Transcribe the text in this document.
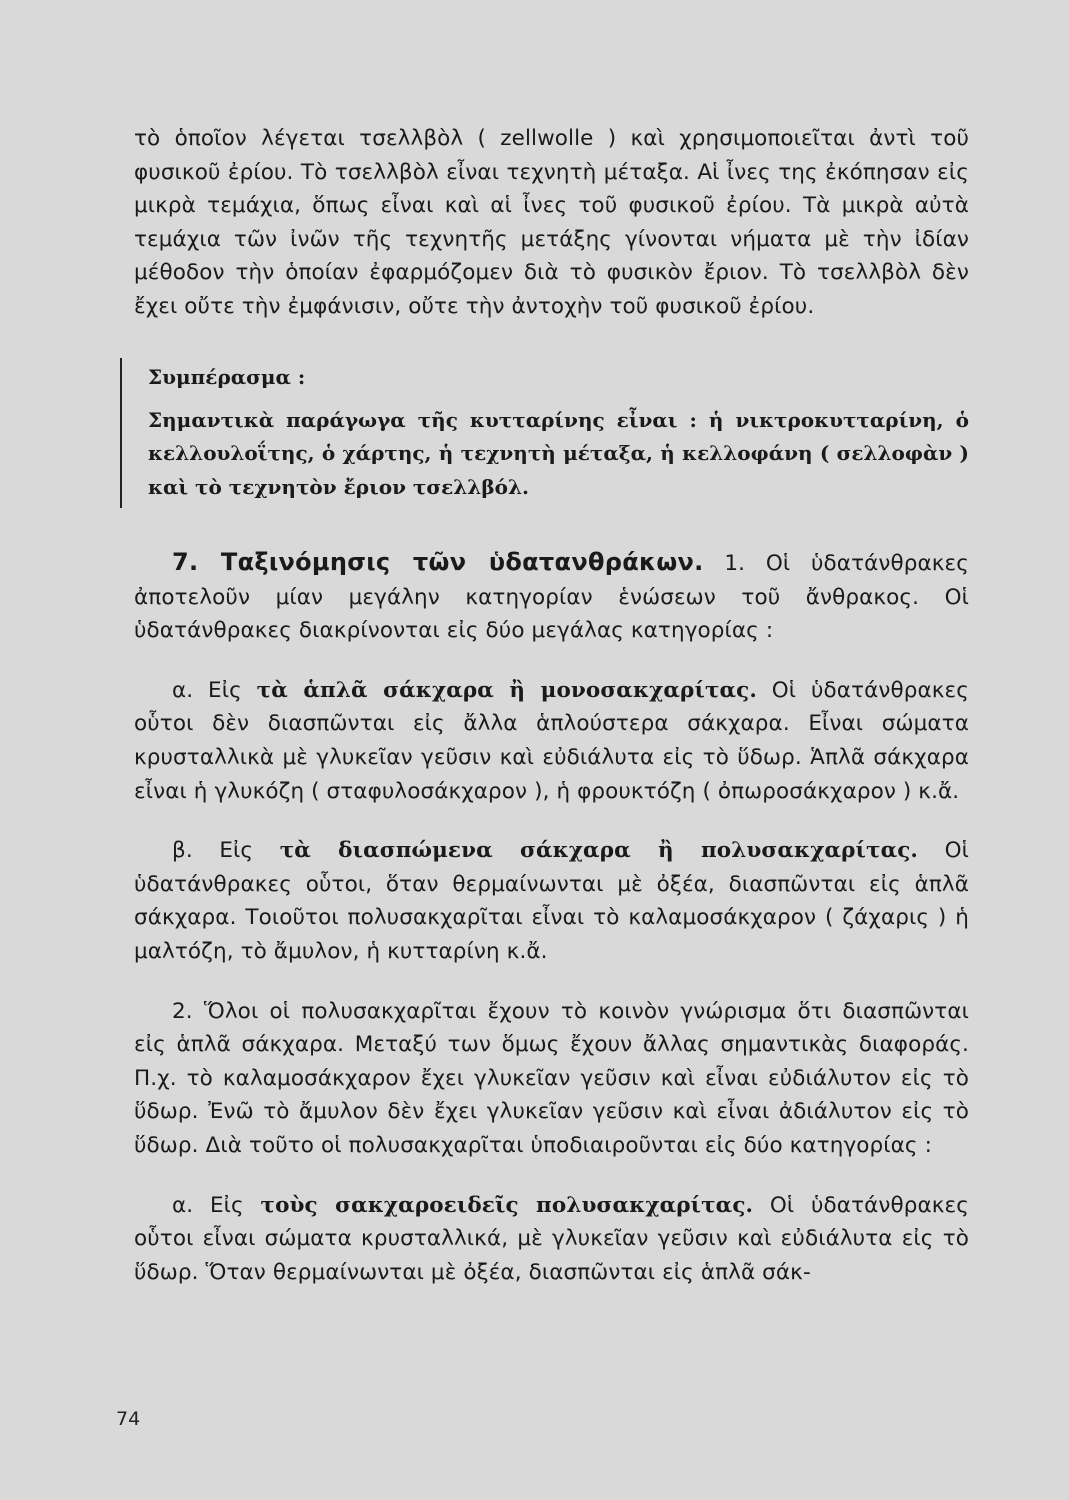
τὸ ὁποῖον λέγεται τσελλβὸλ ( zellwolle ) καὶ χρησιμοποιεῖται ἀντὶ τοῦ φυσικοῦ ἐρίου. Τὸ τσελλβὸλ εἶναι τεχνητὴ μέταξα. Αἱ ἶνες της ἐκόπησαν εἰς μικρὰ τεμάχια, ὅπως εἶναι καὶ αἱ ἶνες τοῦ φυσικοῦ ἐρίου. Τὰ μικρὰ αὐτὰ τεμάχια τῶν ἰνῶν τῆς τεχνητῆς μετάξης γίνονται νήματα μὲ τὴν ἰδίαν μέθοδον τὴν ὁποίαν ἐφαρμόζομεν διὰ τὸ φυσικὸν ἔριον. Τὸ τσελλβὸλ δὲν ἔχει οὔτε τὴν ἐμφάνισιν, οὔτε τὴν ἀντοχὴν τοῦ φυσικοῦ ἐρίου.

Συμπέρασμα :
Σημαντικὰ παράγωγα τῆς κυτταρίνης εἶναι : ἡ νικτροκυτταρίνη, ὁ κελλουλοΐτης, ὁ χάρτης, ἡ τεχνητὴ μέταξα, ἡ κελλοφάνη ( σελλοφὰν ) καὶ τὸ τεχνητὸν ἔριον τσελλβόλ.

7. Ταξινόμησις τῶν ὑδατανθράκων. 1. Οἱ ὑδατάνθρακες ἀποτελοῦν μίαν μεγάλην κατηγορίαν ἑνώσεων τοῦ ἄνθρακος. Οἱ ὑδατάνθρακες διακρίνονται εἰς δύο μεγάλας κατηγορίας :

α. Εἰς τὰ ἁπλᾶ σάκχαρα ἢ μονοσακχαρίτας. Οἱ ὑδατάνθρακες οὗτοι δὲν διασπῶνται εἰς ἄλλα ἁπλούστερα σάκχαρα. Εἶναι σώματα κρυσταλλικὰ μὲ γλυκεῖαν γεῦσιν καὶ εὐδιάλυτα εἰς τὸ ὕδωρ. Ἁπλᾶ σάκχαρα εἶναι ἡ γλυκόζη ( σταφυλοσάκχαρον ), ἡ φρουκτόζη ( ὀπωροσάκχαρον ) κ.ἄ.

β. Εἰς τὰ διασπώμενα σάκχαρα ἢ πολυσακχαρίτας. Οἱ ὑδατάνθρακες οὗτοι, ὅταν θερμαίνωνται μὲ ὀξέα, διασπῶνται εἰς ἁπλᾶ σάκχαρα. Τοιοῦτοι πολυσακχαρῖται εἶναι τὸ καλαμοσάκχαρον ( ζάχαρις ) ἡ μαλτόζη, τὸ ἄμυλον, ἡ κυτταρίνη κ.ἄ.

2. Ὅλοι οἱ πολυσακχαρῖται ἔχουν τὸ κοινὸν γνώρισμα ὅτι διασπῶνται εἰς ἁπλᾶ σάκχαρα. Μεταξύ των ὅμως ἔχουν ἄλλας σημαντικὰς διαφοράς. Π.χ. τὸ καλαμοσάκχαρον ἔχει γλυκεῖαν γεῦσιν καὶ εἶναι εὐδιάλυτον εἰς τὸ ὕδωρ. Ἐνῶ τὸ ἄμυλον δὲν ἔχει γλυκεῖαν γεῦσιν καὶ εἶναι ἀδιάλυτον εἰς τὸ ὕδωρ. Διὰ τοῦτο οἱ πολυσακχαρῖται ὑποδιαιροῦνται εἰς δύο κατηγορίας :

α. Εἰς τοὺς σακχαροειδεῖς πολυσακχαρίτας. Οἱ ὑδατάνθρακες οὗτοι εἶναι σώματα κρυσταλλικά, μὲ γλυκεῖαν γεῦσιν καὶ εὐδιάλυτα εἰς τὸ ὕδωρ. Ὅταν θερμαίνωνται μὲ ὀξέα, διασπῶνται εἰς ἁπλᾶ σάκ-

74
